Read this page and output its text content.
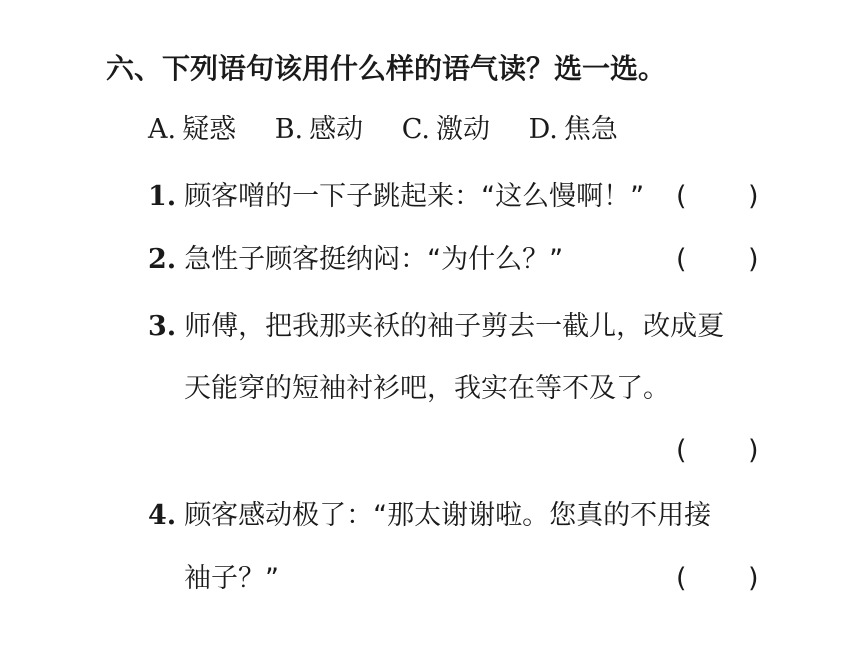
六、下列语句该用什么样的语气读？选一选。
A. 疑惑 B. 感动 C. 激动 D. 焦急
1. 顾客噌的一下子跳起来：“这么慢啊！” ( )
2. 急性子顾客挺纳闷：“为什么？”	( )
3. 师傅，把我那夹袄的袖子剪去一截儿，改成夏
天能穿的短袖衬衫吧，我实在等不及了。
( )
4. 顾客感动极了：“那太谢谢啦。您真的不用接
袖子？”	( )
